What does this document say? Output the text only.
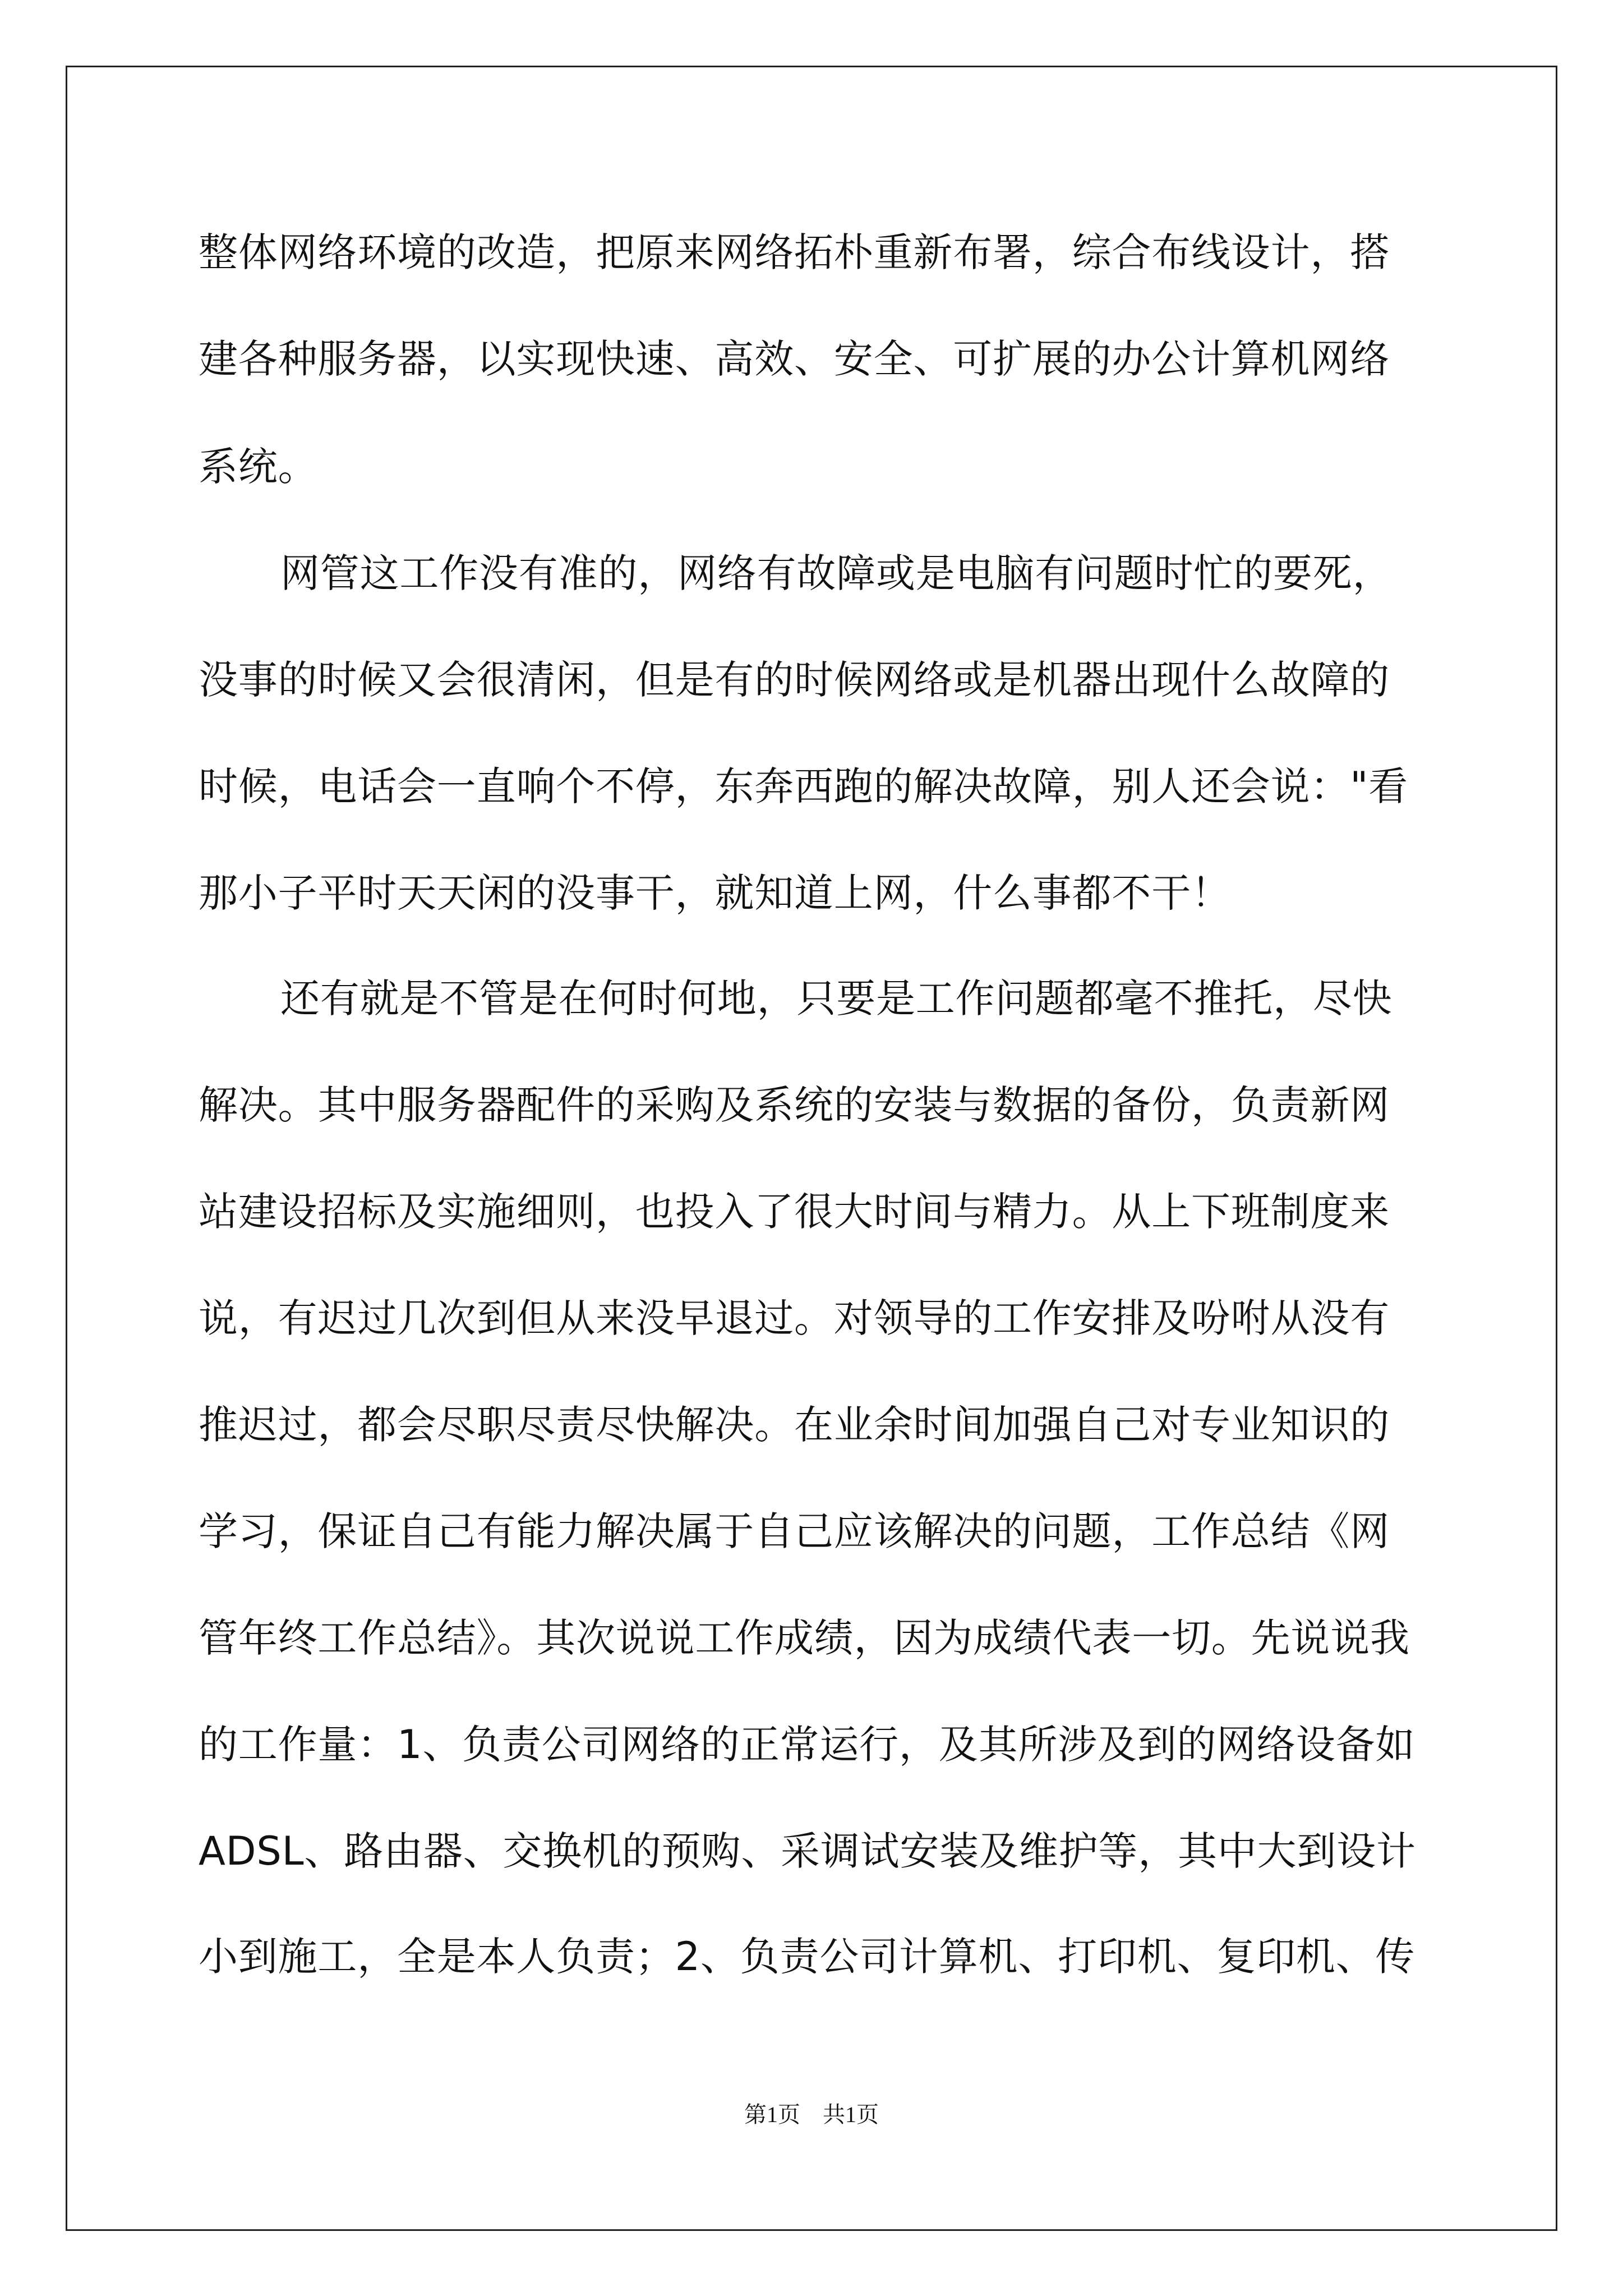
整体网络环境的改造，把原来网络拓朴重新布署，综合布线设计，搭
建各种服务器，以实现快速、高效、安全、可扩展的办公计算机网络
系统。
网管这工作没有准的，网络有故障或是电脑有问题时忙的要死，
没事的时候又会很清闲，但是有的时候网络或是机器出现什么故障的
时候，电话会一直响个不停，东奔西跑的解决故障，别人还会说："看
那小子平时天天闲的没事干，就知道上网，什么事都不干！
还有就是不管是在何时何地，只要是工作问题都毫不推托，尽快
解决。其中服务器配件的采购及系统的安装与数据的备份，负责新网
站建设招标及实施细则，也投入了很大时间与精力。从上下班制度来
说，有迟过几次到但从来没早退过。对领导的工作安排及吩咐从没有
推迟过，都会尽职尽责尽快解决。在业余时间加强自己对专业知识的
学习，保证自己有能力解决属于自己应该解决的问题，工作总结《网
管年终工作总结》。其次说说工作成绩，因为成绩代表一切。先说说我
的工作量：1、负责公司网络的正常运行，及其所涉及到的网络设备如
ADSL、路由器、交换机的预购、采调试安装及维护等，其中大到设计
小到施工，全是本人负责；2、负责公司计算机、打印机、复印机、传
第1页　共1页
